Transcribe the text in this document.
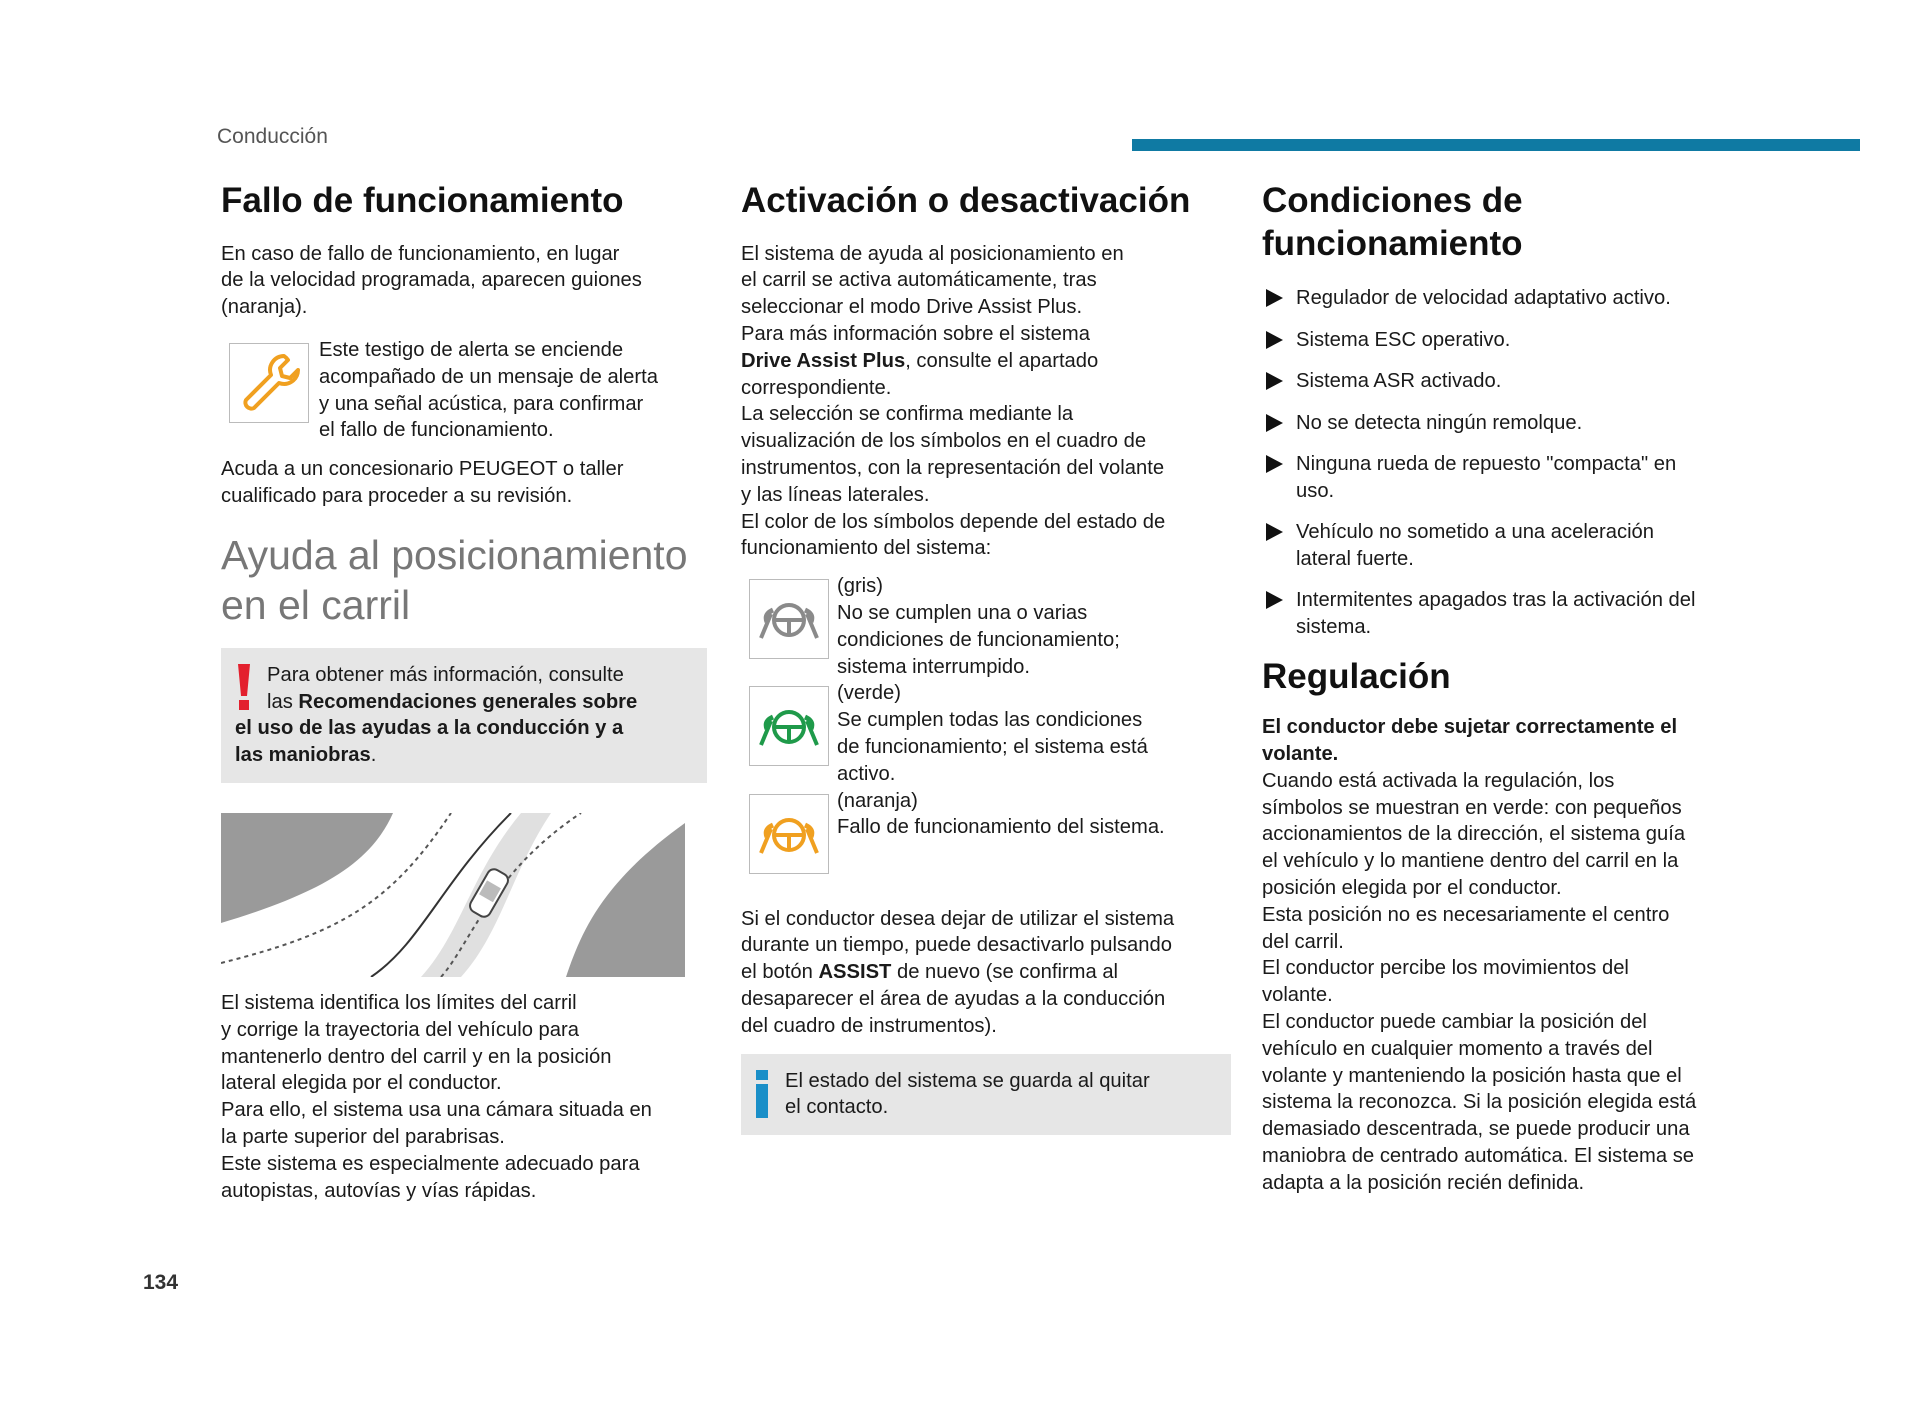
Conducción
Fallo de funcionamiento

En caso de fallo de funcionamiento, en lugar
de la velocidad programada, aparecen guiones
(naranja).

Este testigo de alerta se enciende
acompañado de un mensaje de alerta
y una señal acústica, para confirmar
el fallo de funcionamiento.

Acuda a un concesionario PEUGEOT o taller
cualificado para proceder a su revisión.

Ayuda al posicionamiento
en el carril

Para obtener más información, consulte
las Recomendaciones generales sobre
el uso de las ayudas a la conducción y a
las maniobras.

El sistema identifica los límites del carril
y corrige la trayectoria del vehículo para
mantenerlo dentro del carril y en la posición
lateral elegida por el conductor.
Para ello, el sistema usa una cámara situada en
la parte superior del parabrisas.
Este sistema es especialmente adecuado para
autopistas, autovías y vías rápidas.

Activación o desactivación

El sistema de ayuda al posicionamiento en
el carril se activa automáticamente, tras
seleccionar el modo Drive Assist Plus.
Para más información sobre el sistema
Drive Assist Plus, consulte el apartado
correspondiente.
La selección se confirma mediante la
visualización de los símbolos en el cuadro de
instrumentos, con la representación del volante
y las líneas laterales.
El color de los símbolos depende del estado de
funcionamiento del sistema:

(gris)
No se cumplen una o varias
condiciones de funcionamiento;
sistema interrumpido.

(verde)
Se cumplen todas las condiciones
de funcionamiento; el sistema está
activo.

(naranja)
Fallo de funcionamiento del sistema.

Si el conductor desea dejar de utilizar el sistema
durante un tiempo, puede desactivarlo pulsando
el botón ASSIST de nuevo (se confirma al
desaparecer el área de ayudas a la conducción
del cuadro de instrumentos).

El estado del sistema se guarda al quitar
el contacto.

Condiciones de
funcionamiento
Regulador de velocidad adaptativo activo.
Sistema ESC operativo.
Sistema ASR activado.
No se detecta ningún remolque.
Ninguna rueda de repuesto "compacta" en
uso.
Vehículo no sometido a una aceleración
lateral fuerte.
Intermitentes apagados tras la activación del
sistema.
Regulación

El conductor debe sujetar correctamente el
volante.
Cuando está activada la regulación, los
símbolos se muestran en verde: con pequeños
accionamientos de la dirección, el sistema guía
el vehículo y lo mantiene dentro del carril en la
posición elegida por el conductor.
Esta posición no es necesariamente el centro
del carril.
El conductor percibe los movimientos del
volante.
El conductor puede cambiar la posición del
vehículo en cualquier momento a través del
volante y manteniendo la posición hasta que el
sistema la reconozca. Si la posición elegida está
demasiado descentrada, se puede producir una
maniobra de centrado automática. El sistema se
adapta a la posición recién definida.

134
